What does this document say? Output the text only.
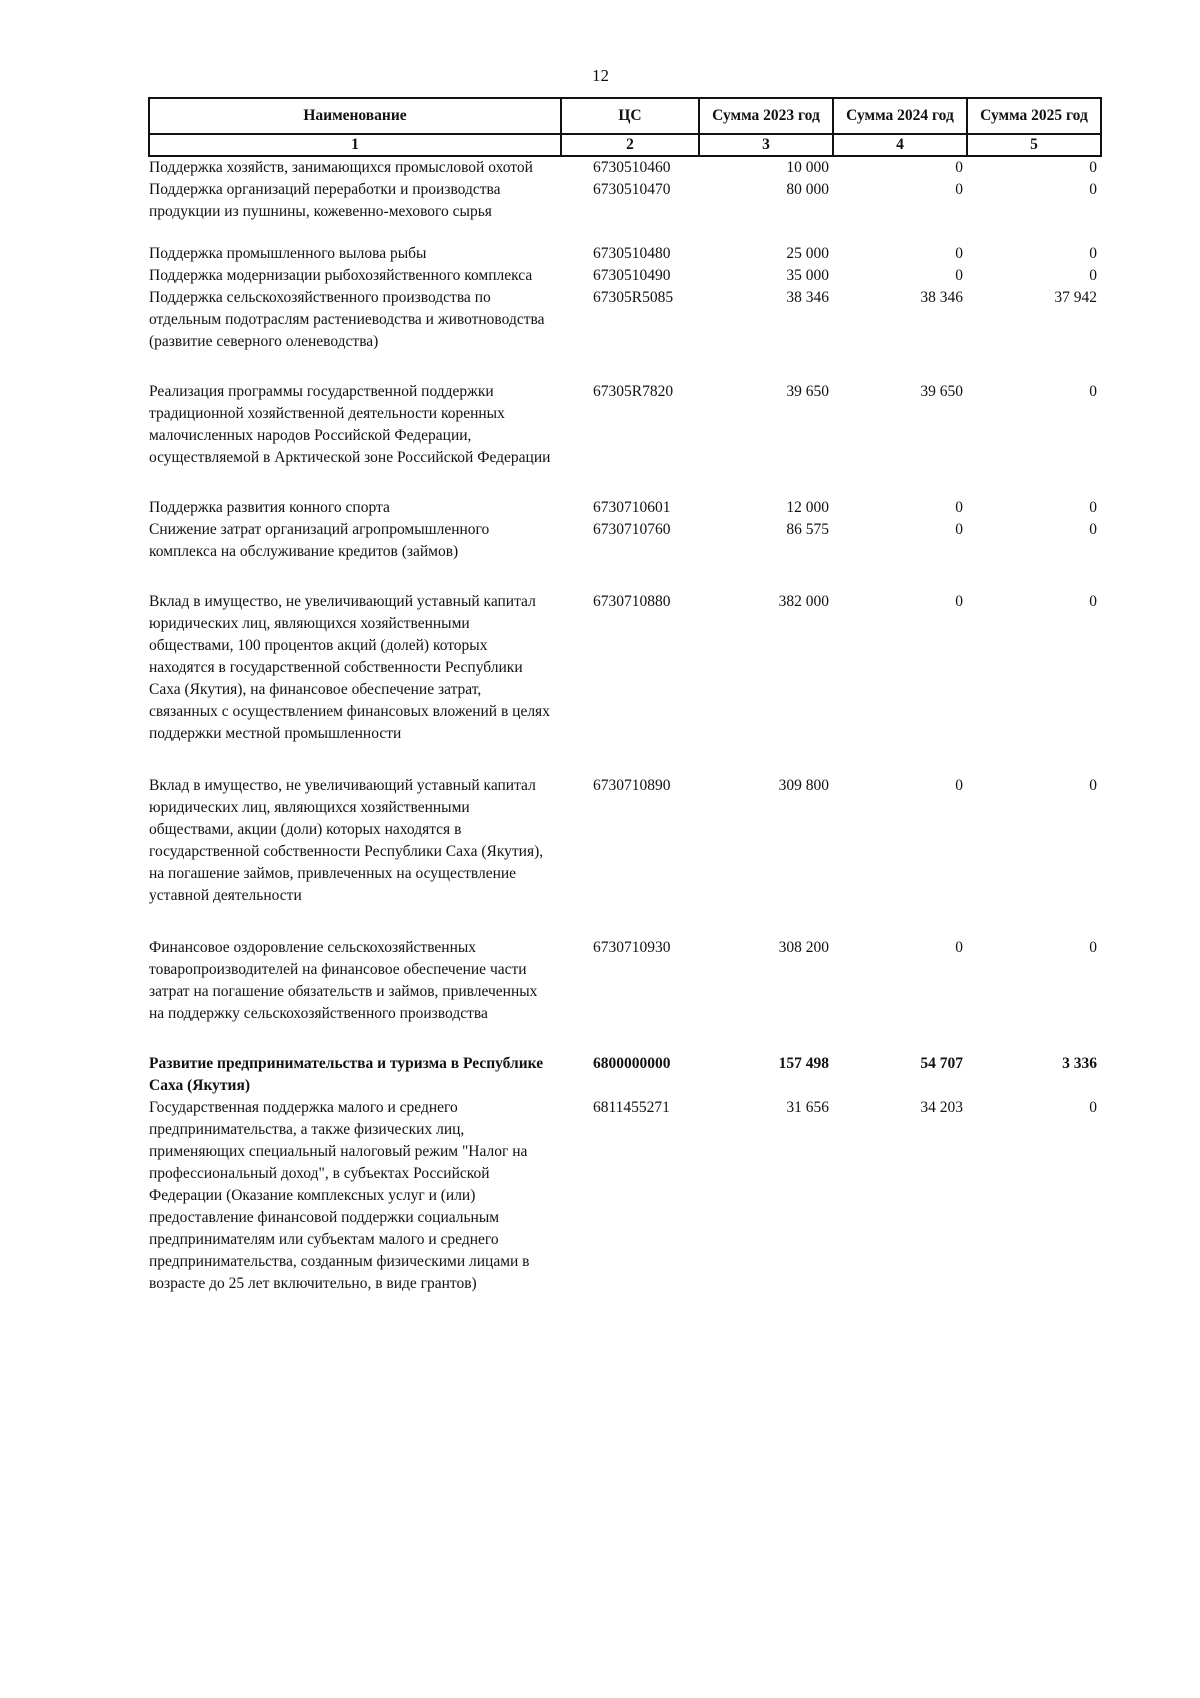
12
Наименование	ЦС	Сумма 2023 год	Сумма 2024 год	Сумма 2025 год
1	2	3	4	5
Поддержка хозяйств, занимающихся промысловой охотой	6730510460	10 000	0	0
Поддержка организаций переработки и производства продукции из пушнины, кожевенно-мехового сырья	6730510470	80 000	0	0
Поддержка промышленного вылова рыбы	6730510480	25 000	0	0
Поддержка модернизации рыбохозяйственного комплекса	6730510490	35 000	0	0
Поддержка сельскохозяйственного производства по отдельным подотраслям растениеводства и животноводства (развитие северного оленеводства)	67305R5085	38 346	38 346	37 942
Реализация программы государственной поддержки традиционной хозяйственной деятельности коренных малочисленных народов Российской Федерации, осуществляемой в Арктической зоне Российской Федерации	67305R7820	39 650	39 650	0
Поддержка развития конного спорта	6730710601	12 000	0	0
Снижение затрат организаций агропромышленного комплекса на обслуживание кредитов (займов)	6730710760	86 575	0	0
Вклад в имущество, не увеличивающий уставный капитал юридических лиц, являющихся хозяйственными обществами, 100 процентов акций (долей) которых находятся в государственной собственности Республики Саха (Якутия), на финансовое обеспечение затрат, связанных с осуществлением финансовых вложений в целях поддержки местной промышленности	6730710880	382 000	0	0
Вклад в имущество, не увеличивающий уставный капитал юридических лиц, являющихся хозяйственными обществами, акции (доли) которых находятся в государственной собственности Республики Саха (Якутия), на погашение займов, привлеченных на осуществление уставной деятельности	6730710890	309 800	0	0
Финансовое оздоровление сельскохозяйственных товаропроизводителей на финансовое обеспечение части затрат на погашение обязательств и займов, привлеченных на поддержку сельскохозяйственного производства	6730710930	308 200	0	0
Развитие предпринимательства и туризма в Республике Саха (Якутия)	6800000000	157 498	54 707	3 336
Государственная поддержка малого и среднего предпринимательства, а также физических лиц, применяющих специальный налоговый режим "Налог на профессиональный доход", в субъектах Российской Федерации (Оказание комплексных услуг и (или) предоставление финансовой поддержки социальным предпринимателям или субъектам малого и среднего предпринимательства, созданным физическими лицами в возрасте до 25 лет включительно, в виде грантов)	6811455271	31 656	34 203	0
